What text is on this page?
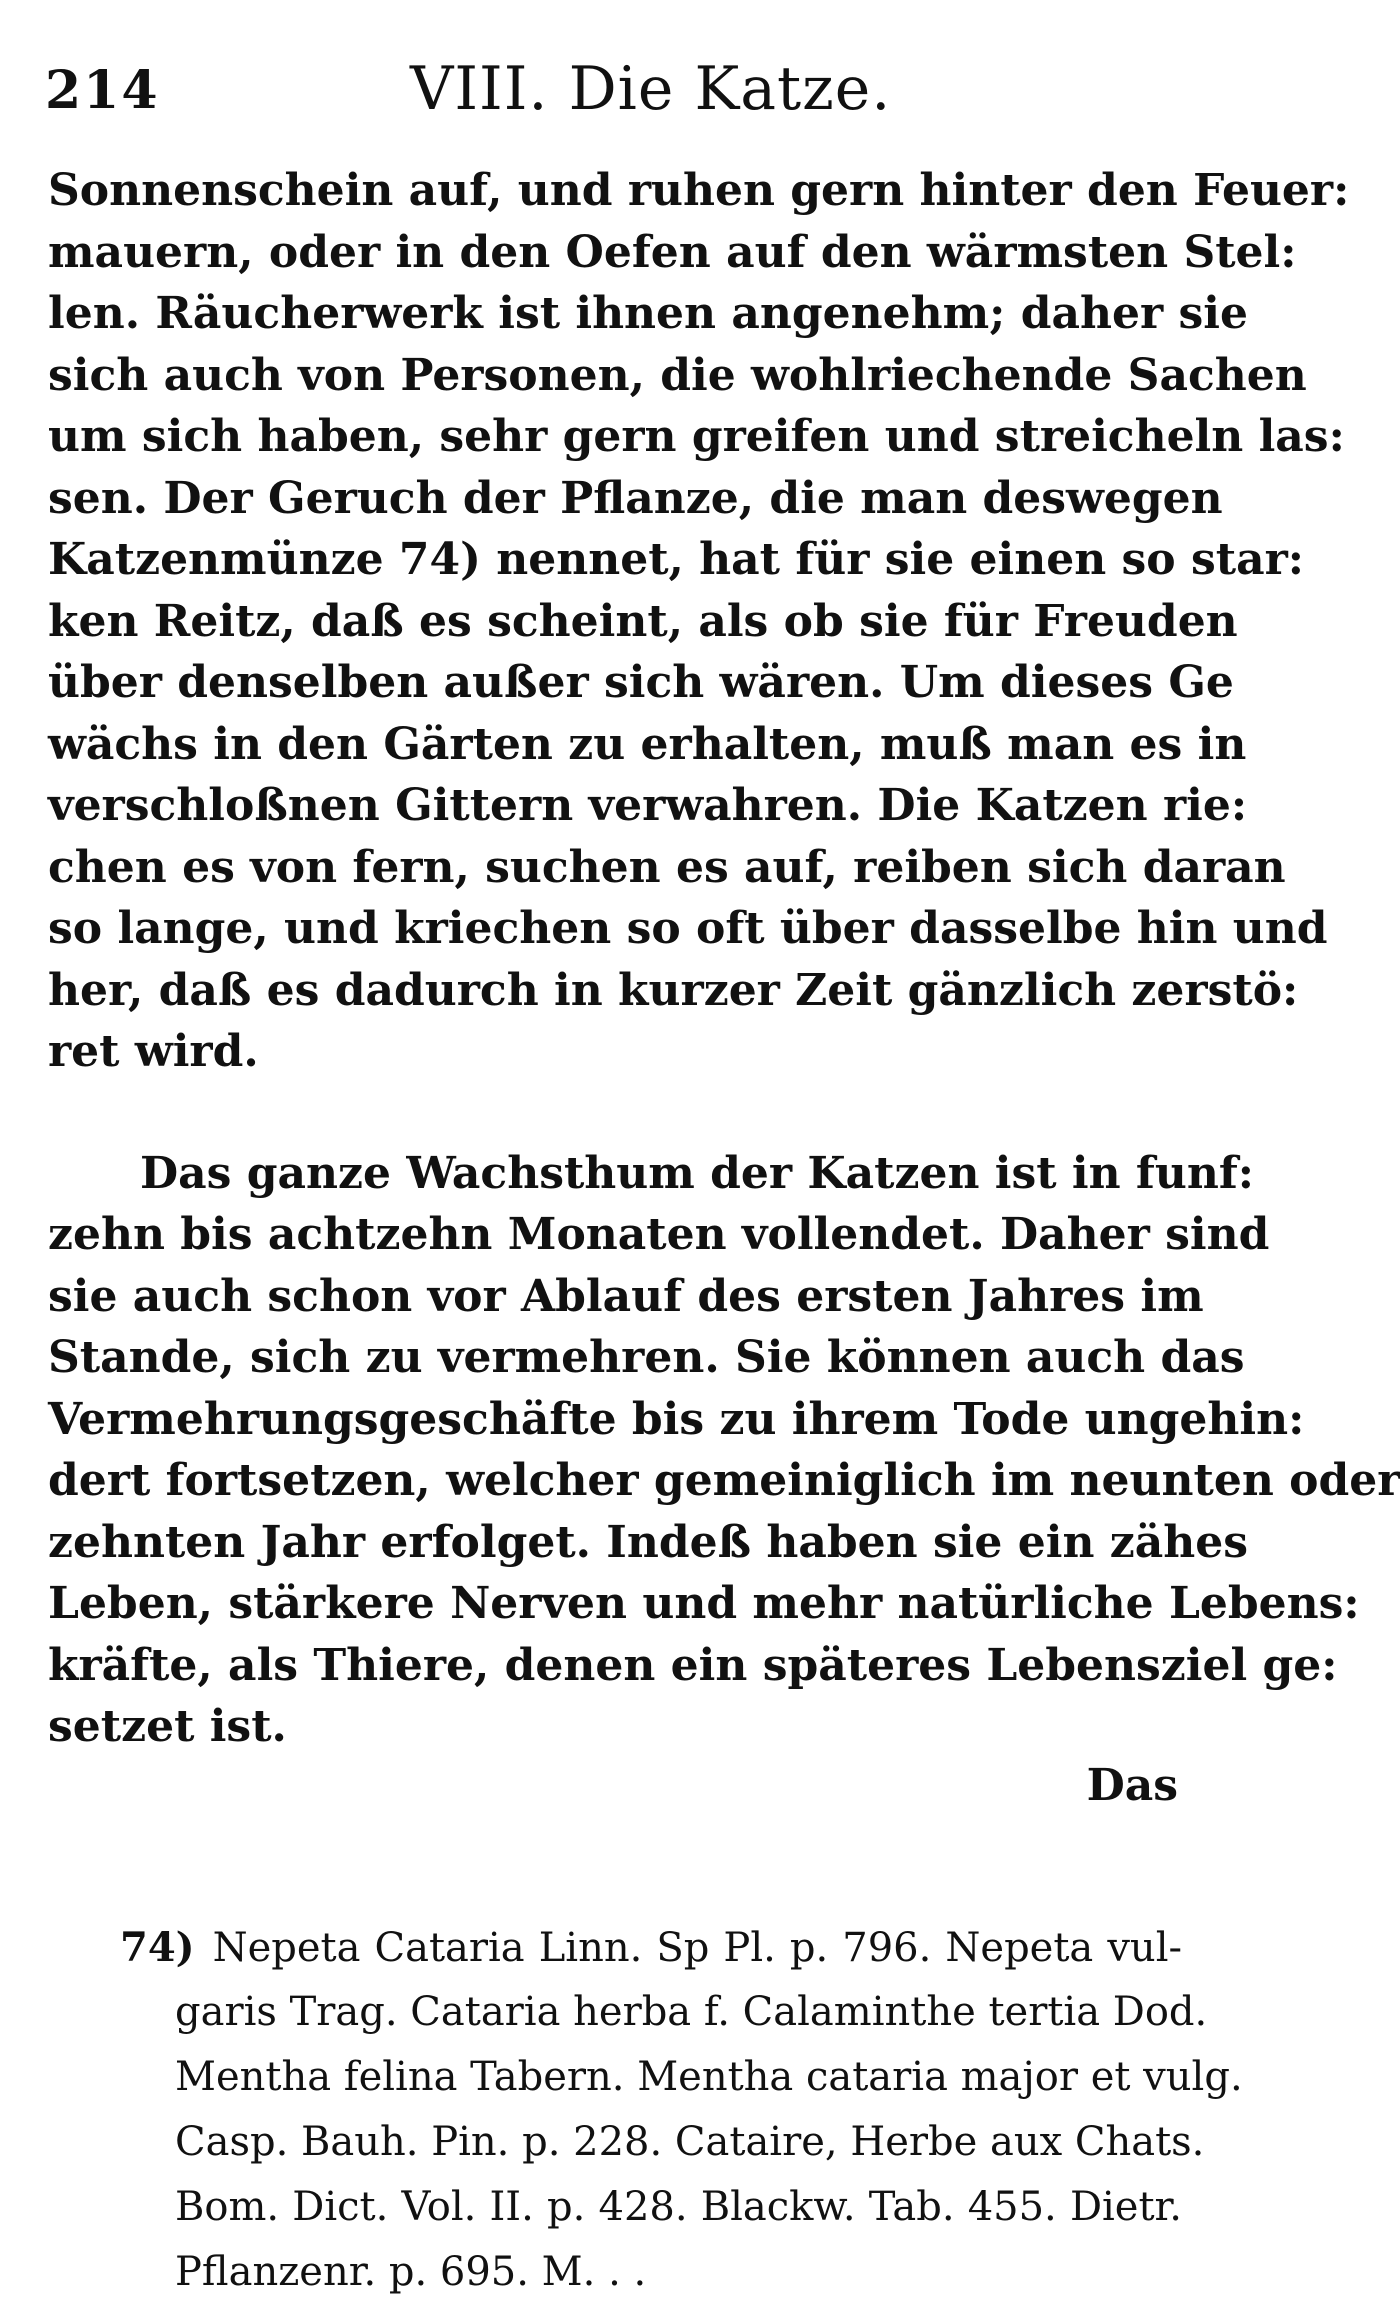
214	VIII. Die Katze.
Sonnenschein auf, und ruhen gern hinter den Feuer:
mauern, oder in den Oefen auf den wärmsten Stel:
len. Räucherwerk ist ihnen angenehm; daher sie
sich auch von Personen, die wohlriechende Sachen
um sich haben, sehr gern greifen und streicheln las:
sen. Der Geruch der Pflanze, die man deswegen
Katzenmünze 74) nennet, hat für sie einen so star:
ken Reitz, daß es scheint, als ob sie für Freuden
über denselben außer sich wären. Um dieses Ge
wächs in den Gärten zu erhalten, muß man es in
verschloßnen Gittern verwahren. Die Katzen rie:
chen es von fern, suchen es auf, reiben sich daran
so lange, und kriechen so oft über dasselbe hin und
her, daß es dadurch in kurzer Zeit gänzlich zerstö:
ret wird.
Das ganze Wachsthum der Katzen ist in funf:
zehn bis achtzehn Monaten vollendet. Daher sind
sie auch schon vor Ablauf des ersten Jahres im
Stande, sich zu vermehren. Sie können auch das
Vermehrungsgeschäfte bis zu ihrem Tode ungehin:
dert fortsetzen, welcher gemeiniglich im neunten oder
zehnten Jahr erfolget. Indeß haben sie ein zähes
Leben, stärkere Nerven und mehr natürliche Lebens:
kräfte, als Thiere, denen ein späteres Lebensziel ge:
setzet ist.
Das
74) Nepeta Cataria Linn. Sp Pl. p. 796. Nepeta vul-
garis Trag. Cataria herba f. Calaminthe tertia Dod.
Mentha felina Tabern. Mentha cataria major et vulg.
Casp. Bauh. Pin. p. 228. Cataire, Herbe aux Chats.
Bom. Dict. Vol. II. p. 428. Blackw. Tab. 455. Dietr.
Pflanzenr. p. 695. M. . .
